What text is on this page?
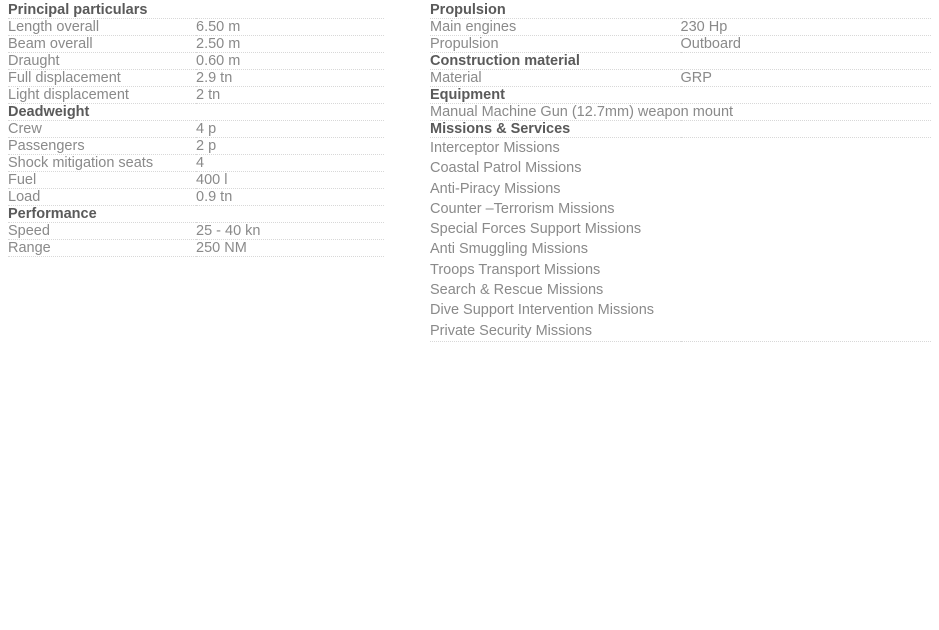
Principal particulars	
Length overall	6.50 m
Beam overall	2.50 m
Draught	0.60 m
Full displacement	2.9 tn
Light displacement	2 tn
Deadweight	
Crew	4 p
Passengers	2 p
Shock mitigation seats	4
Fuel	400 l
Load	0.9 tn
Performance	
Speed	25 - 40 kn
Range	250 NM
Propulsion	
Main engines	230 Hp
Propulsion	Outboard
Construction material	
Material	GRP
Equipment	
Manual Machine Gun (12.7mm) weapon mount	
Missions & Services	

Interceptor Missions
Coastal Patrol Missions
Anti-Piracy Missions
Counter –Terrorism Missions
Special Forces Support Missions
Anti Smuggling Missions
Troops Transport Missions
Search & Rescue Missions
Dive Support Intervention Missions
Private Security Missions
